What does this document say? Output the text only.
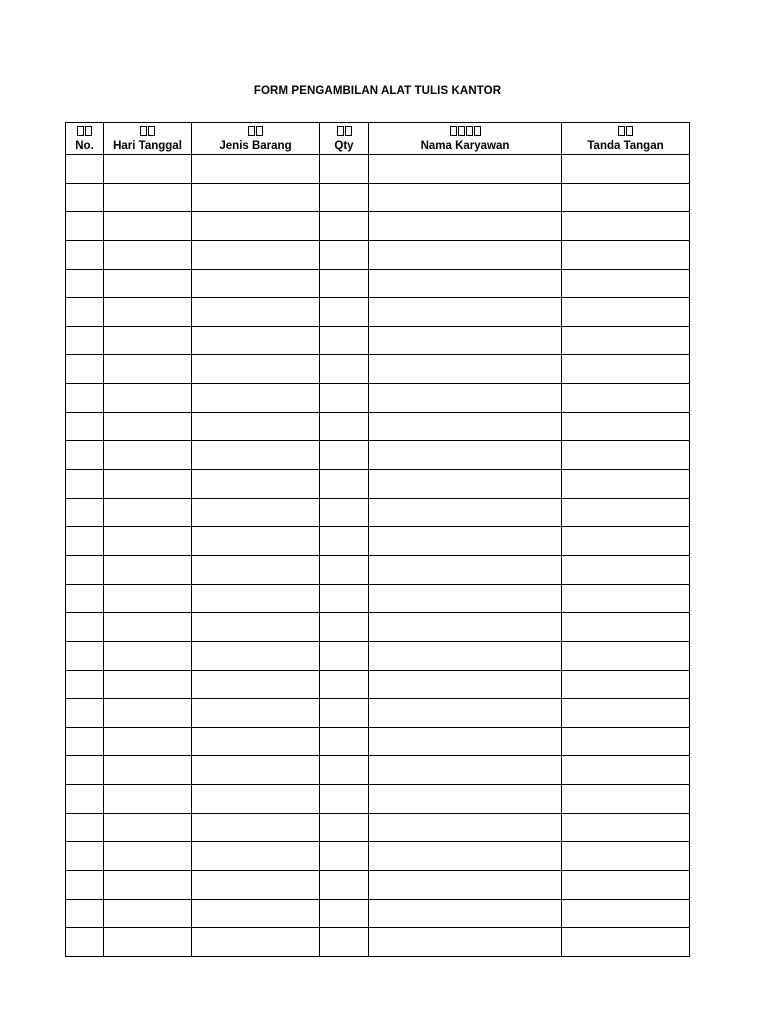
FORM PENGAMBILAN ALAT TULIS KANTOR
No.	Hari Tanggal	Jenis Barang	Qty	Nama Karyawan	Tanda Tangan
